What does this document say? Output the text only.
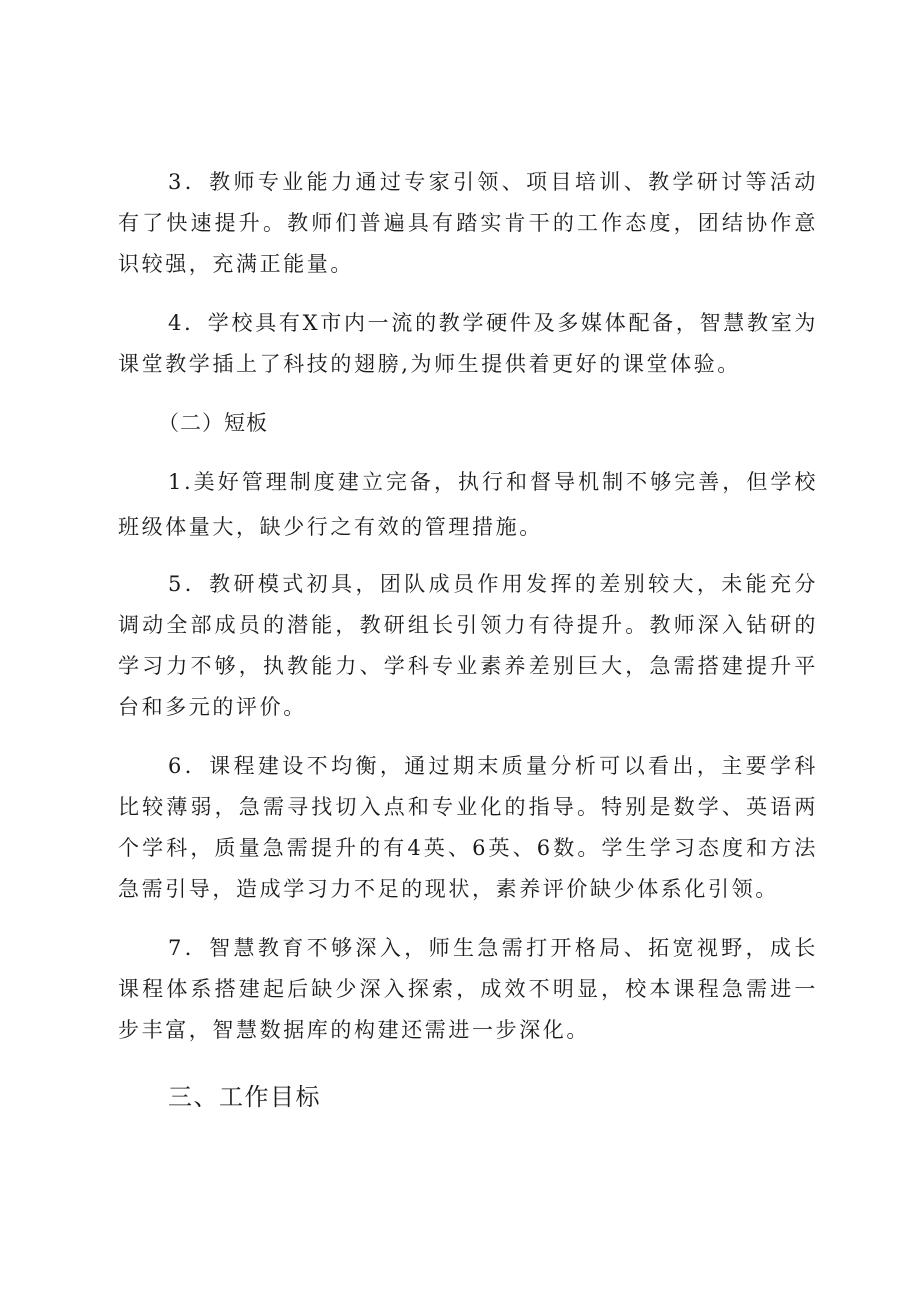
3．教师专业能力通过专家引领、项目培训、教学研讨等活动有了快速提升。教师们普遍具有踏实肯干的工作态度，团结协作意识较强，充满正能量。

4．学校具有X市内一流的教学硬件及多媒体配备，智慧教室为课堂教学插上了科技的翅膀,为师生提供着更好的课堂体验。

（二）短板

1.美好管理制度建立完备，执行和督导机制不够完善，但学校班级体量大，缺少行之有效的管理措施。

5．教研模式初具，团队成员作用发挥的差别较大，未能充分调动全部成员的潜能，教研组长引领力有待提升。教师深入钻研的学习力不够，执教能力、学科专业素养差别巨大，急需搭建提升平台和多元的评价。

6．课程建设不均衡，通过期末质量分析可以看出，主要学科比较薄弱，急需寻找切入点和专业化的指导。特别是数学、英语两个学科，质量急需提升的有4英、6英、6数。学生学习态度和方法急需引导，造成学习力不足的现状，素养评价缺少体系化引领。

7．智慧教育不够深入，师生急需打开格局、拓宽视野，成长课程体系搭建起后缺少深入探索，成效不明显，校本课程急需进一步丰富，智慧数据库的构建还需进一步深化。

三、工作目标
